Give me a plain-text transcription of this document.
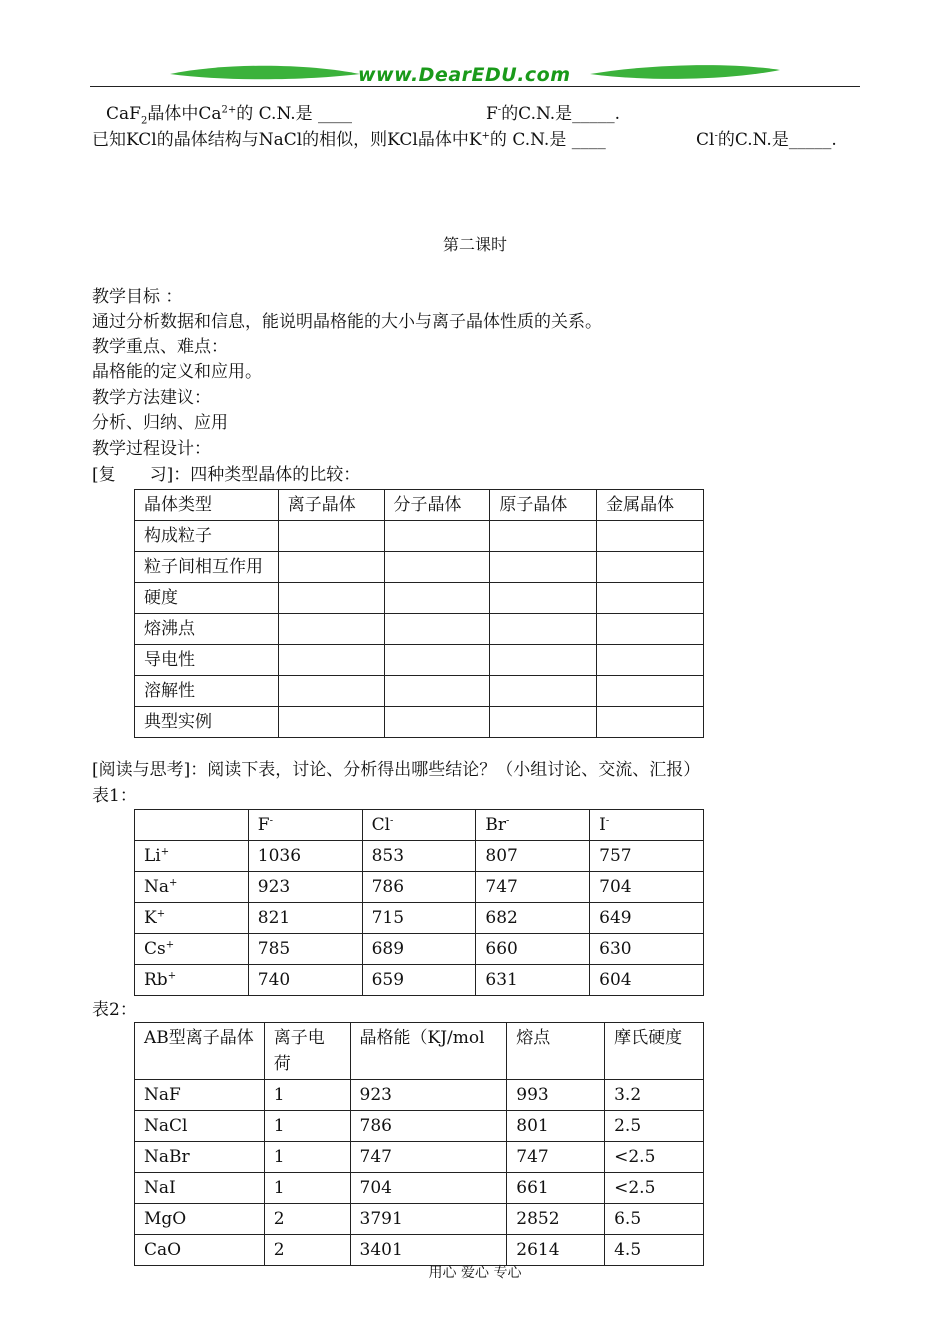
www.DearEDU.com
CaF$_2$晶体中$Ca^{2+}$的 C.N.是 ____	F-的C.N.是_____.
已知KCl的晶体结构与NaCl的相似，则KCl晶体中K+的 C.N.是 ____	Cl-的C.N.是_____.
第二课时
教学目标 ：
通过分析数据和信息，能说明晶格能的大小与离子晶体性质的关系。
教学重点、难点：
晶格能的定义和应用。
教学方法建议：
分析、归纳、应用
教学过程设计：
[复　　习]：四种类型晶体的比较：
晶体类型	离子晶体	分子晶体	原子晶体	金属晶体
构成粒子				
粒子间相互作用				
硬度				
熔沸点				
导电性				
溶解性				
典型实例				
[阅读与思考]：阅读下表，讨论、分析得出哪些结论？（小组讨论、交流、汇报）
表1：
	F-	Cl-	Br-	I-
Li+	1036	853	807	757
Na+	923	786	747	704
K+	821	715	682	649
Cs+	785	689	660	630
Rb+	740	659	631	604
表2：
AB型离子晶体	离子电荷	晶格能（KJ/mol	熔点	摩氏硬度
NaF	1	923	993	3.2
NaCl	1	786	801	2.5
NaBr	1	747	747	<2.5
NaI	1	704	661	<2.5
MgO	2	3791	2852	6.5
CaO	2	3401	2614	4.5
用心 爱心 专心
